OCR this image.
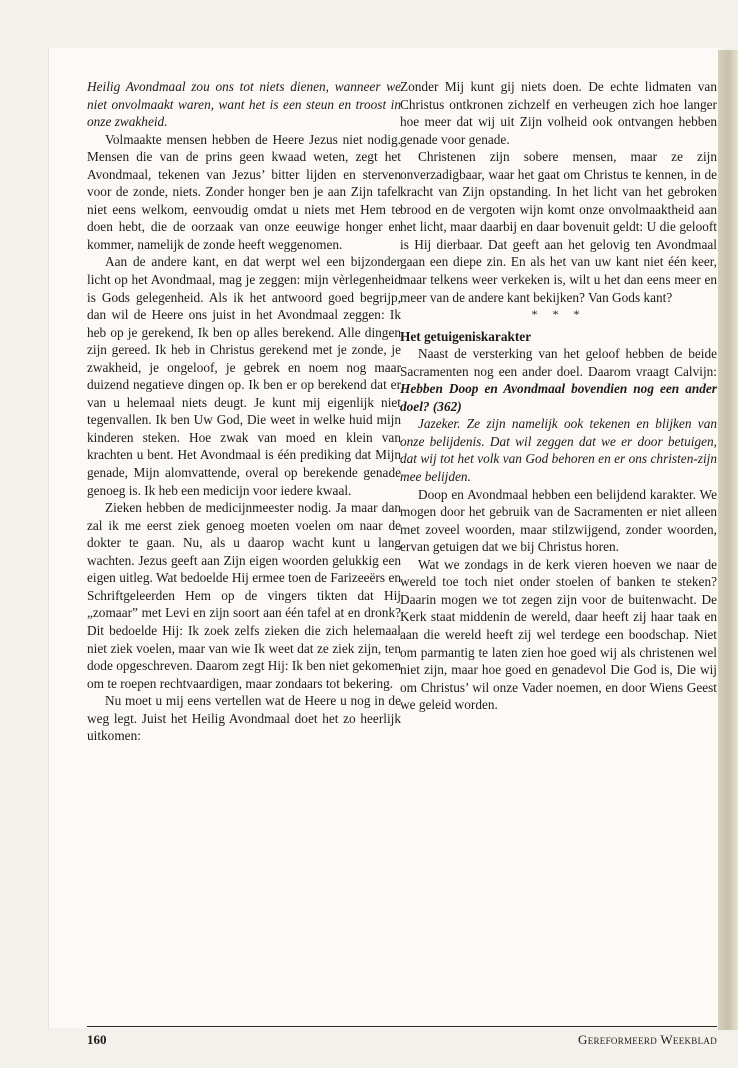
Heilig Avondmaal zou ons tot niets dienen, wanneer we niet onvolmaakt waren, want het is een steun en troost in onze zwakheid.

Volmaakte mensen hebben de Heere Jezus niet nodig. Mensen die van de prins geen kwaad weten, zegt het Avondmaal, tekenen van Jezus’ bitter lijden en sterven voor de zonde, niets. Zonder honger ben je aan Zijn tafel niet eens welkom, eenvoudig omdat u niets met Hem te doen hebt, die de oorzaak van onze eeuwige honger en kommer, namelijk de zonde heeft weggenomen.

Aan de andere kant, en dat werpt wel een bijzonder licht op het Avondmaal, mag je zeggen: mijn vèrlegenheid is Gods gelegenheid. Als ik het antwoord goed begrijp, dan wil de Heere ons juist in het Avondmaal zeggen: Ik heb op je gerekend, Ik ben op alles berekend. Alle dingen zijn gereed. Ik heb in Christus gerekend met je zonde, je zwakheid, je ongeloof, je gebrek en noem nog maar duizend negatieve dingen op. Ik ben er op berekend dat er van u helemaal niets deugt. Je kunt mij eigenlijk niet tegenvallen. Ik ben Uw God, Die weet in welke huid mijn kinderen steken. Hoe zwak van moed en klein van krachten u bent. Het Avondmaal is één prediking dat Mijn genade, Mijn alomvattende, overal op berekende genade genoeg is. Ik heb een medicijn voor iedere kwaal.

Zieken hebben de medicijnmeester nodig. Ja maar dan zal ik me eerst ziek genoeg moeten voelen om naar de dokter te gaan. Nu, als u daarop wacht kunt u lang wachten. Jezus geeft aan Zijn eigen woorden gelukkig een eigen uitleg. Wat bedoelde Hij ermee toen de Farizeeërs en Schriftgeleerden Hem op de vingers tikten dat Hij „zomaar” met Levi en zijn soort aan één tafel at en dronk? Dit bedoelde Hij: Ik zoek zelfs zieken die zich helemaal niet ziek voelen, maar van wie Ik weet dat ze ziek zijn, ten dode opgeschreven. Daarom zegt Hij: Ik ben niet gekomen om te roepen rechtvaardigen, maar zondaars tot bekering.

Nu moet u mij eens vertellen wat de Heere u nog in de weg legt. Juist het Heilig Avondmaal doet het zo heerlijk uitkomen:

Zonder Mij kunt gij niets doen. De echte lidmaten van Christus ontkronen zichzelf en verheugen zich hoe langer hoe meer dat wij uit Zijn volheid ook ontvangen hebben genade voor genade.

Christenen zijn sobere mensen, maar ze zijn onverzadigbaar, waar het gaat om Christus te kennen, in de kracht van Zijn opstanding. In het licht van het gebroken brood en de vergoten wijn komt onze onvolmaaktheid aan het licht, maar daarbij en daar bovenuit geldt: U die gelooft is Hij dierbaar. Dat geeft aan het gelovig ten Avondmaal gaan een diepe zin. En als het van uw kant niet één keer, maar telkens weer verkeken is, wilt u het dan eens meer en meer van de andere kant bekijken? Van Gods kant?

* * *

Het getuigeniskarakter

Naast de versterking van het geloof hebben de beide Sacramenten nog een ander doel. Daarom vraagt Calvijn: Hebben Doop en Avondmaal bovendien nog een ander doel? (362)

Jazeker. Ze zijn namelijk ook tekenen en blijken van onze belijdenis. Dat wil zeggen dat we er door betuigen, dat wij tot het volk van God behoren en er ons christen-zijn mee belijden.

Doop en Avondmaal hebben een belijdend karakter. We mogen door het gebruik van de Sacramenten er niet alleen met zoveel woorden, maar stilzwijgend, zonder woorden, ervan getuigen dat we bij Christus horen.

Wat we zondags in de kerk vieren hoeven we naar de wereld toe toch niet onder stoelen of banken te steken? Daarin mogen we tot zegen zijn voor de buitenwacht. De Kerk staat middenin de wereld, daar heeft zij haar taak en aan die wereld heeft zij wel terdege een boodschap. Niet om parmantig te laten zien hoe goed wij als christenen wel niet zijn, maar hoe goed en genadevol Die God is, Die wij om Christus’ wil onze Vader noemen, en door Wiens Geest we geleid worden.

160	Gereformeerd Weekblad
